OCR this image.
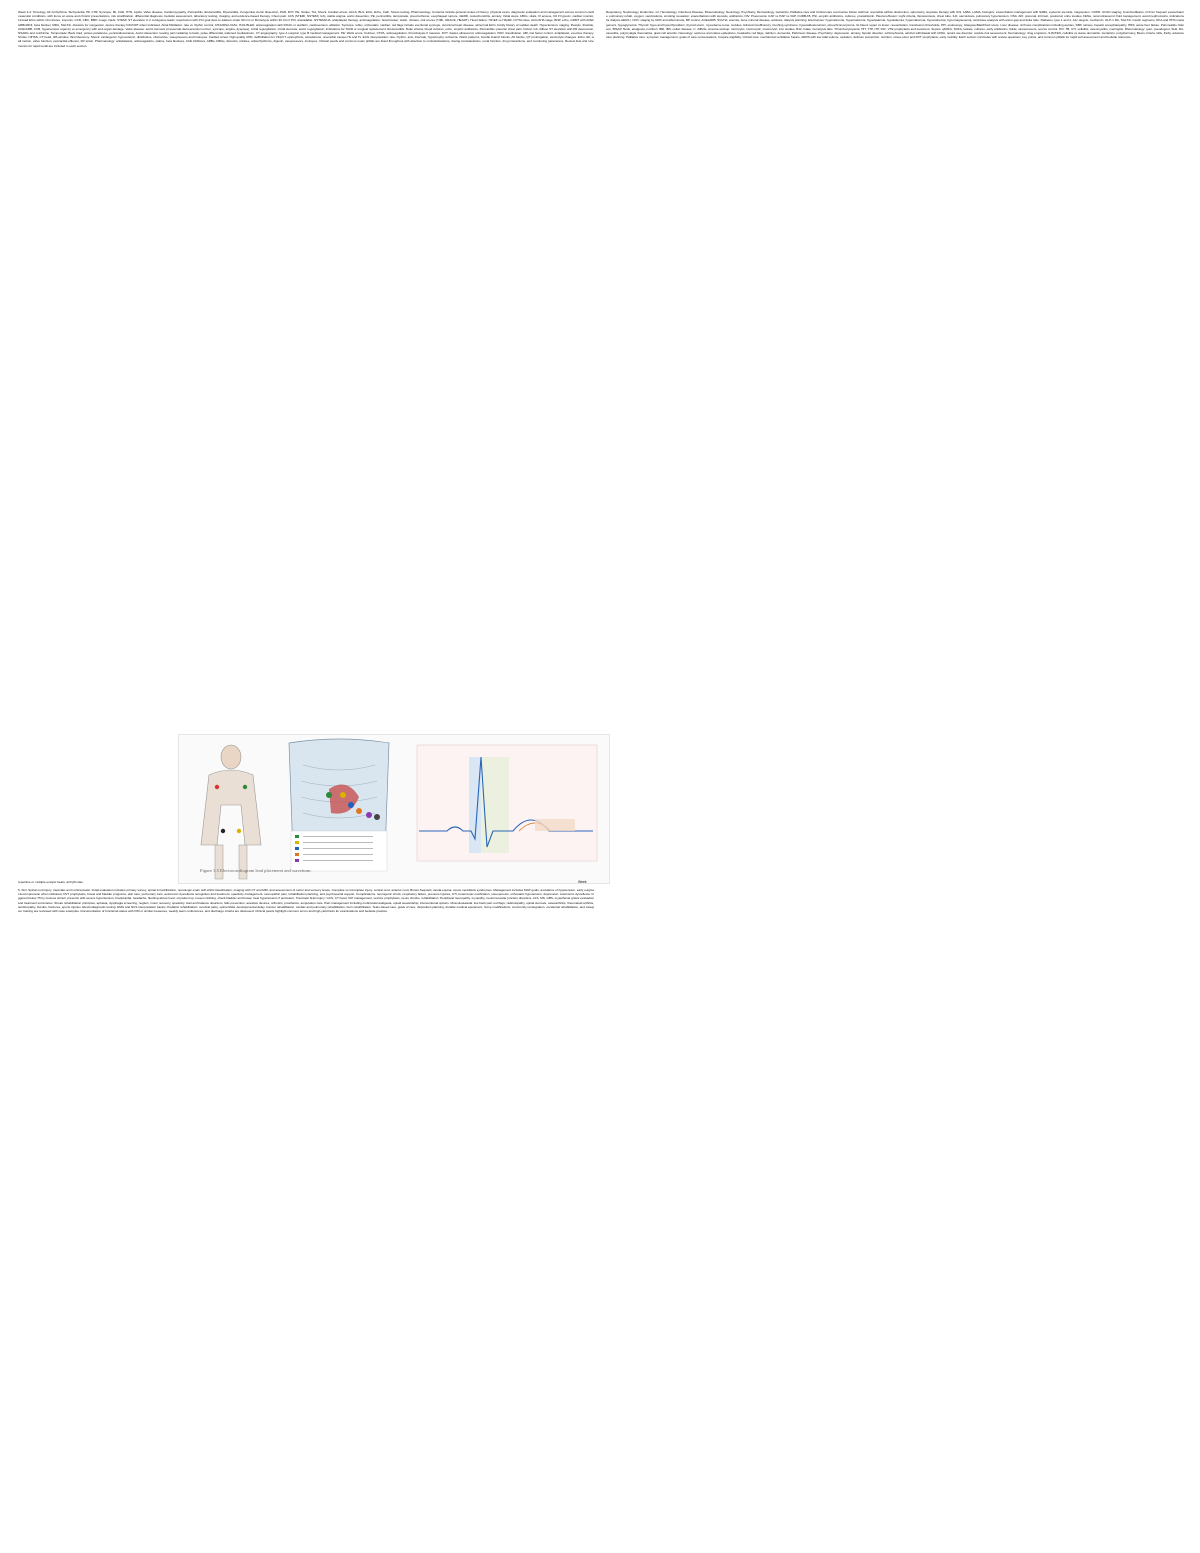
Week 3-4: Oncology, AF-Arrhythmia, Tachycardia, HF, CHF, Syncope, MI, CAD, HTN, Lipids, Valve disease, Cardiomyopathy, Pericarditis, Endocarditis, Myocarditis, Congenital, Aortic dissection, PAD, DVT, PE, Stroke, TIA, Shock, Cardiac arrest, ACLS, BLS, ECG, Echo, Cath, Stress testing, Pharmacology. Contents include general review of history, physical exam, diagnostic evaluation and management across common cardiovascular conditions, with focus on acute and chronic presentations, risk stratification, differential diagnosis, bedside assessment, laboratory testing, imaging, and evidence-based therapy. Chest pain: ACS (STEMI, NSTEMI, UA), stable angina, aortic dissection, PE, pericarditis, tamponade, pneumothorax, esophageal rupture, GERD, costochondritis, anxiety. Initial steps: ABCs, vitals, IV access, O2 if hypoxic, cardiac monitor, 12-lead ECG within 10 minutes, troponin, CXR, CBC, BMP, coags, lipids. STEMI: ST elevation in 2 contiguous leads; reperfusion with PCI goal door-to-balloon under 90 min or fibrinolysis within 30 min if PCI unavailable. NSTEMI/UA: antiplatelet therapy, anticoagulation, beta blocker, statin, nitrates, risk scores (TIMI, GRACE, HEART). Heart failure: HFrEF vs HFpEF, NYHA class, ACC/AHA stage, BNP, echo, GDMT with ACEi/ARB/ARNI, beta blocker, MRA, SGLT2i, diuretics for congestion, device therapy ICD/CRT when indicated. Atrial fibrillation: rate vs rhythm control, CHA2DS2-VASc, HAS-BLED, anticoagulation with DOAC or warfarin, cardioversion, ablation. Syncope: reflex, orthostatic, cardiac; red flags include exertional syncope, structural heart disease, abnormal ECG, family history of sudden death. Hypertension: staging, lifestyle, thiazide, ACEi/ARB, CCB, hypertensive urgency vs emergency with end-organ damage. Valve disease: aortic stenosis (crescendo-decrescendo murmur, syncope, angina, dyspnea), mitral regurgitation, mitral stenosis, aortic regurgitation; indications for TAVR or surgical replacement. Endocarditis: Duke criteria, blood cultures, echo, empiric antibiotics. Pericarditis: pleuritic chest pain, friction rub, diffuse ST elevation with PR depression, NSAIDs and colchicine. Tamponade: Beck triad, pulsus paradoxus, pericardiocentesis. Aortic dissection: tearing pain radiating to back, pulse differential, widened mediastinum, CT angiography, type A surgical, type B medical management. PE: Wells score, D-dimer, CTPA, anticoagulation, thrombolysis if massive. DVT: duplex ultrasound, anticoagulation. PAD: claudication, ABI, risk factor control, antiplatelet, exercise therapy. Stroke: NIHSS, CT head, tPA window, thrombectomy. Shock: cardiogenic, hypovolemic, distributive, obstructive; vasopressors and inotropes. Cardiac arrest: high-quality CPR, defibrillation for VF/pVT, epinephrine, amiodarone, reversible causes Hs and Ts. ECG interpretation: rate, rhythm, axis, intervals, hypertrophy, ischemia, infarct patterns, bundle branch blocks, AV blocks, QT prolongation, electrolyte changes. Echo: EF, wall motion, valve function, pericardial effusion, RV strain. Pharmacology: antiplatelets, anticoagulants, statins, beta blockers, ACE inhibitors, ARBs, MRAs, diuretics, nitrates, antiarrhythmics, digoxin, vasopressors, inotropes. Clinical pearls and common exam pitfalls are listed throughout with attention to contraindications, dosing considerations, renal function, drug interactions, and monitoring parameters. Review lists and mnemonics for rapid recall are included in each section.

Figure 3.5 Electrocardiogram lead placement and waveform
repetitive or multiple ectopic beats, arrhythmias.	Week

5. SCI: Spinal cord injury, traumatic and nontraumatic. Initial evaluation includes primary survey, spinal immobilization, neurologic exam with ASIA classification, imaging with CT and MRI, and assessment of motor and sensory levels. Complete vs incomplete injury, central cord, anterior cord, Brown-Sequard, cauda equina, conus medullaris syndromes. Management includes MAP goals, avoidance of hypotension, early surgical decompression when indicated, DVT prophylaxis, bowel and bladder programs, skin care, pulmonary care, autonomic dysreflexia recognition and treatment, spasticity management, neuropathic pain, rehabilitation planning, and psychosocial support. Complications: neurogenic shock, respiratory failure, pressure injuries, UTI, heterotopic ossification, osteoporosis, orthostatic hypotension, depression. Autonomic dysreflexia: triggered below T6 by noxious stimuli, presents with severe hypertension, bradycardia, headache, flushing above level; sit patient up, loosen clothing, check bladder and bowel, treat hypertension if persistent. Traumatic brain injury: GCS, CT head, ICP management, seizure prophylaxis, neuro checks, rehabilitation. Peripheral neuropathy, myopathy, neuromuscular junction disorders, ALS, MS, GBS, myasthenia gravis evaluation and treatment summaries. Stroke rehabilitation principles, aphasia, dysphagia screening, neglect, motor recovery, spasticity. Gait and balance disorders, falls prevention, assistive devices, orthotics, prosthetics, amputation care. Pain management including multimodal analgesia, opioid stewardship, interventional options. Musculoskeletal: low back pain red flags, radiculopathy, spinal stenosis, osteoarthritis, rheumatoid arthritis, tendinopathy, bursitis, fractures, sports injuries. Electrodiagnostic testing: EMG and NCS interpretation basics. Pediatric rehabilitation: cerebral palsy, spina bifida, developmental delay. Cancer rehabilitation, cardiac and pulmonary rehabilitation, burn rehabilitation. Team-based care, goals of care, disposition planning, durable medical equipment, home modifications, community reintegration, vocational rehabilitation, and caregiver training are reviewed with case examples. Documentation of functional status with FIM or similar measures, weekly team conferences, and discharge criteria are discussed. Clinical pearls highlight common errors and high-yield facts for examinations and bedside practice.

Respiratory, Nephrology, Endocrine, GI, Hematology, Infectious Disease, Rheumatology, Neurology, Psychiatry, Dermatology, Geriatrics, Palliative care and Critical care summaries follow. Asthma: reversible airflow obstruction, spirometry, stepwise therapy with ICS, LABA, LAMA, biologics; exacerbation management with SABA, systemic steroids, magnesium. COPD: GOLD staging, bronchodilators, ICS for frequent exacerbators, pulmonary rehab, oxygen, vaccinations, smoking cessation; exacerbations with steroids, antibiotics, NIV. Pneumonia: CAP vs HAP vs VAP, CURB-65, PSI, empiric antibiotics, cultures, procalcitonin. Pleural effusion: Light criteria, thoracentesis, chest tube. ILD, sarcoidosis, pulmonary hypertension, OSA. AKI: prerenal, intrinsic, postrenal; urine studies, FENa, renal ultrasound, fluid management, avoid nephrotoxins, indications for dialysis AEIOU. CKD: staging by GFR and albuminuria, BP control, ACEi/ARB, SGLT2i, anemia, bone mineral disease, acidosis, dialysis planning. Electrolytes: hyponatremia, hypernatremia, hyperkalemia, hypokalemia, hypercalcemia, hypocalcemia, hypomagnesemia, acid-base analysis with anion gap and delta ratio. Diabetes: type 1 and 2, A1c targets, metformin, GLP-1 RA, SGLT2i, insulin regimens, DKA and HHS management, hypoglycemia. Thyroid: hypo and hyperthyroidism, thyroid storm, myxedema coma, nodules. Adrenal insufficiency, Cushing syndrome, hyperaldosteronism, pheochromocytoma. GI bleed: upper vs lower, resuscitation, transfusion thresholds, PPI, endoscopy, Glasgow-Blatchford score. Liver disease: cirrhosis complications including ascites, SBP, varices, hepatic encephalopathy, HRS; acute liver failure. Pancreatitis: Ranson, BISAP, fluids, analgesia, nutrition. IBD, IBS, celiac disease, C. difficile. Anemia workup: microcytic, normocytic, macrocytic; iron studies, B12, folate, hemolysis labs. Thrombocytopenia: HIT, TTP, ITP, DIC. VTE prophylaxis and treatment. Sepsis: qSOFA, SOFA, lactate, cultures, early antibiotics, fluids, vasopressors, source control. HIV, TB, UTI, cellulitis, osteomyelitis, meningitis. Rheumatology: gout, pseudogout, SLE, RA, vasculitis, polymyalgia rheumatica, giant cell arteritis. Neurology: seizures and status epilepticus, headache red flags, delirium, dementia, Parkinson disease. Psychiatry: depression, anxiety, bipolar disorder, schizophrenia, alcohol withdrawal with CIWA, opioid use disorder, suicide risk assessment. Dermatology: drug eruptions, SJS/TEN, cellulitis vs stasis dermatitis. Geriatrics: polypharmacy, Beers criteria, falls, frailty, advance care planning. Palliative care: symptom management, goals of care conversations, hospice eligibility. Critical care: mechanical ventilation basics, ARDS with low tidal volume, sedation, delirium prevention, nutrition, stress ulcer and DVT prophylaxis, early mobility. Each section concludes with review questions, key points, and common pitfalls for rapid self assessment and bedside reference.
